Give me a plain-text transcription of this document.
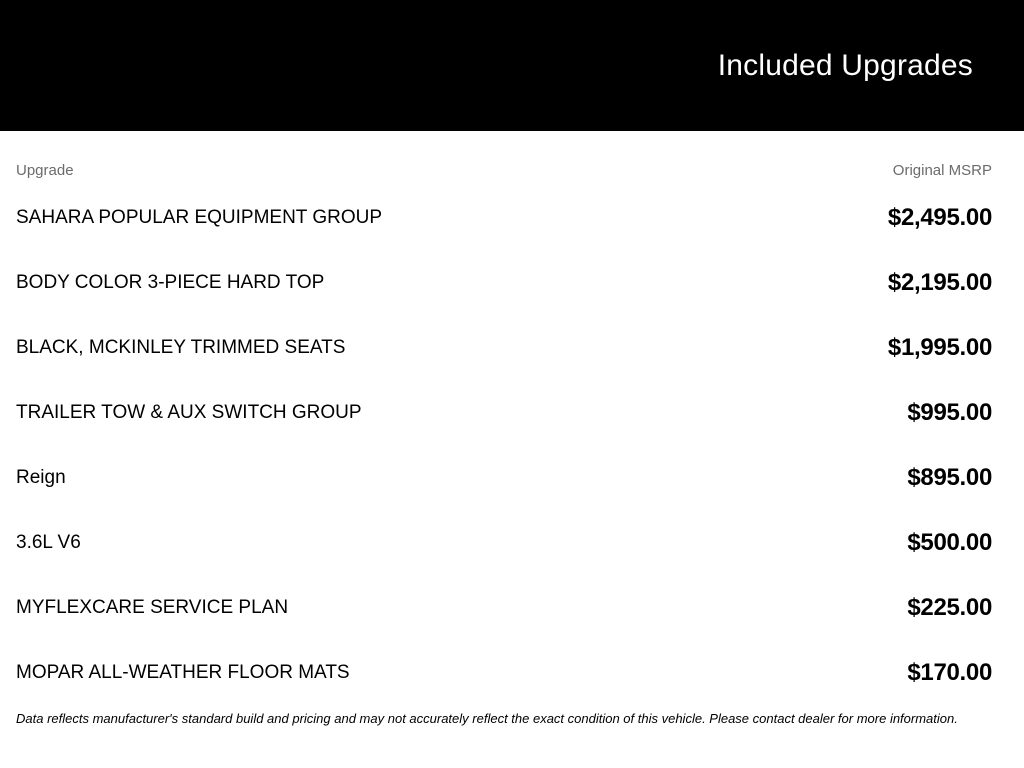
Included Upgrades
Upgrade	Original MSRP
SAHARA POPULAR EQUIPMENT GROUP	$2,495.00
BODY COLOR 3-PIECE HARD TOP	$2,195.00
BLACK, MCKINLEY TRIMMED SEATS	$1,995.00
TRAILER TOW & AUX SWITCH GROUP	$995.00
Reign	$895.00
3.6L V6	$500.00
MYFLEXCARE SERVICE PLAN	$225.00
MOPAR ALL-WEATHER FLOOR MATS	$170.00

Data reflects manufacturer's standard build and pricing and may not accurately reflect the exact condition of this vehicle. Please contact dealer for more information.
